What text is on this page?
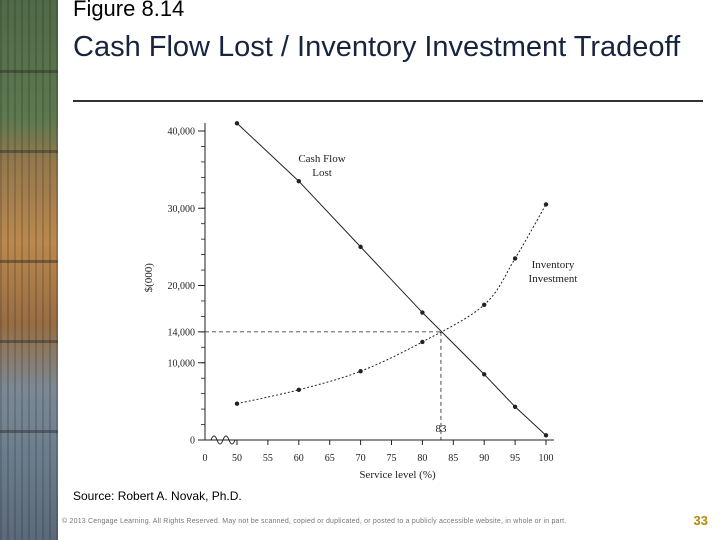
Figure 8.14
Cash Flow Lost / Inventory Investment Tradeoff
0
10,000
14,000
20,000
30,000
40,000
0 50 55 60 65 70 75 80 85 90 95 100
Service level (%)
$(000)
83
Cash Flow Lost
Inventory Investment
Source: Robert A. Novak, Ph.D.
© 2013 Cengage Learning. All Rights Reserved. May not be scanned, copied or duplicated, or posted to a publicly accessible website, in whole or in part.	33
